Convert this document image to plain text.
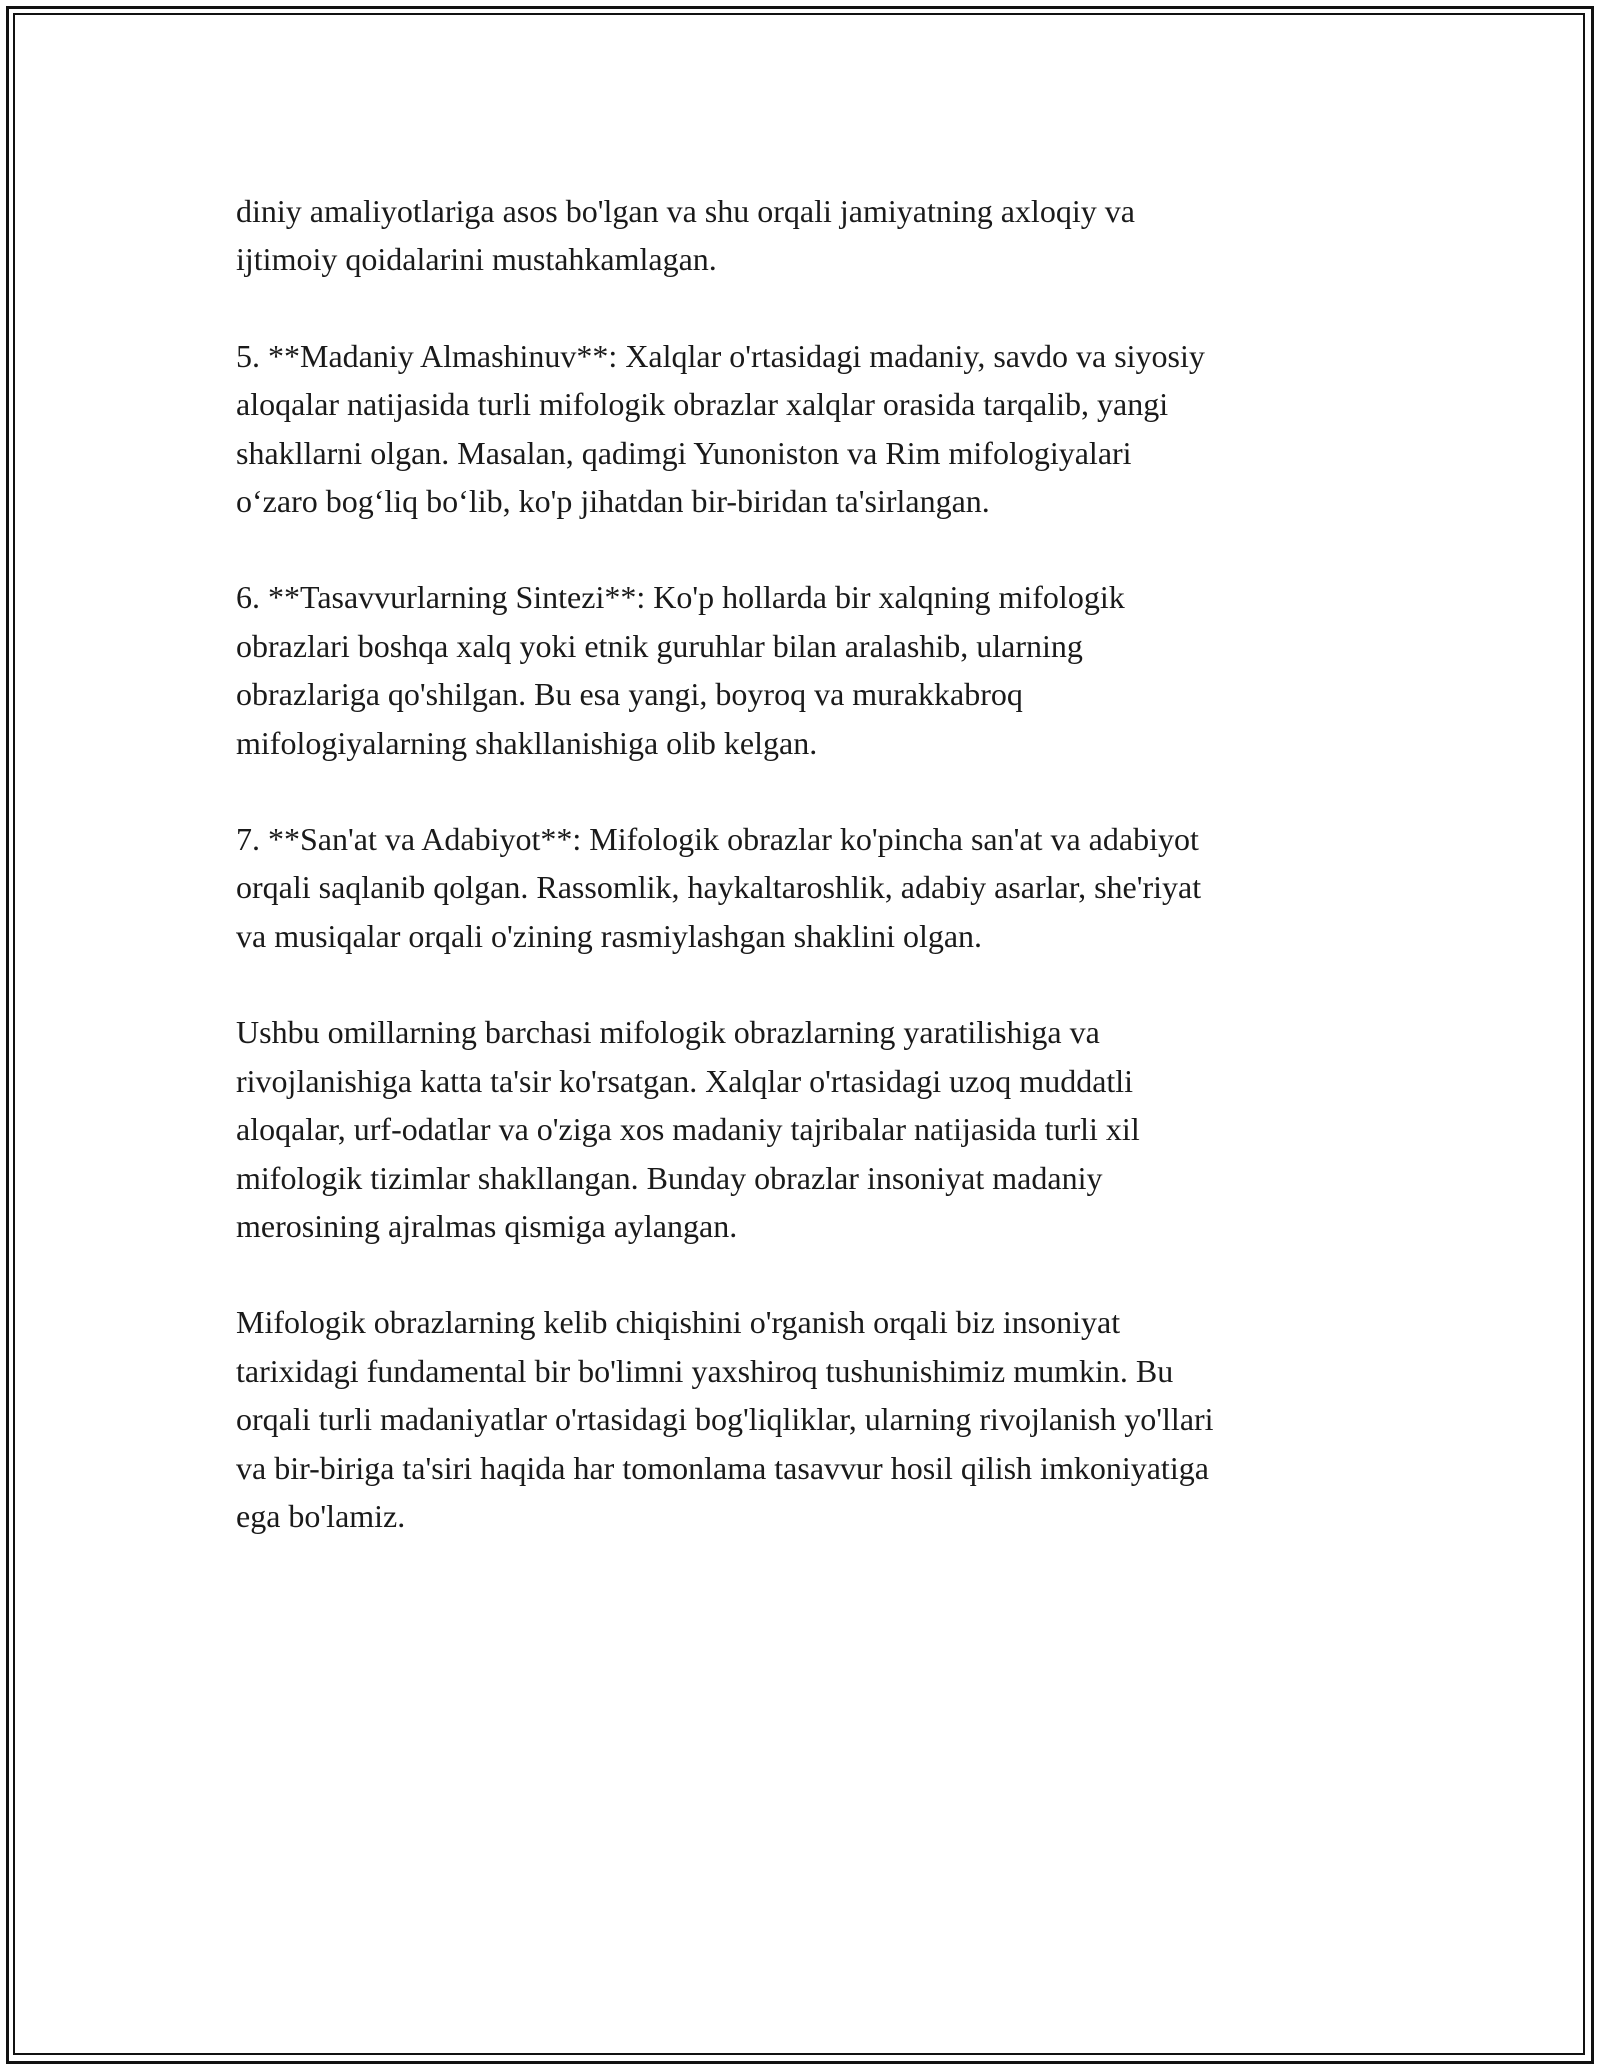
diniy amaliyotlariga asos bo'lgan va shu orqali jamiyatning axloqiy va
ijtimoiy qoidalarini mustahkamlagan.

5. **Madaniy Almashinuv**: Xalqlar o'rtasidagi madaniy, savdo va siyosiy
aloqalar natijasida turli mifologik obrazlar xalqlar orasida tarqalib, yangi
shakllarni olgan. Masalan, qadimgi Yunoniston va Rim mifologiyalari
o‘zaro bog‘liq bo‘lib, ko'p jihatdan bir-biridan ta'sirlangan.

6. **Tasavvurlarning Sintezi**: Ko'p hollarda bir xalqning mifologik
obrazlari boshqa xalq yoki etnik guruhlar bilan aralashib, ularning
obrazlariga qo'shilgan. Bu esa yangi, boyroq va murakkabroq
mifologiyalarning shakllanishiga olib kelgan.

7. **San'at va Adabiyot**: Mifologik obrazlar ko'pincha san'at va adabiyot
orqali saqlanib qolgan. Rassomlik, haykaltaroshlik, adabiy asarlar, she'riyat
va musiqalar orqali o'zining rasmiylashgan shaklini olgan.

Ushbu omillarning barchasi mifologik obrazlarning yaratilishiga va
rivojlanishiga katta ta'sir ko'rsatgan. Xalqlar o'rtasidagi uzoq muddatli
aloqalar, urf-odatlar va o'ziga xos madaniy tajribalar natijasida turli xil
mifologik tizimlar shakllangan. Bunday obrazlar insoniyat madaniy
merosining ajralmas qismiga aylangan.

Mifologik obrazlarning kelib chiqishini o'rganish orqali biz insoniyat
tarixidagi fundamental bir bo'limni yaxshiroq tushunishimiz mumkin. Bu
orqali turli madaniyatlar o'rtasidagi bog'liqliklar, ularning rivojlanish yo'llari
va bir-biriga ta'siri haqida har tomonlama tasavvur hosil qilish imkoniyatiga
ega bo'lamiz.
